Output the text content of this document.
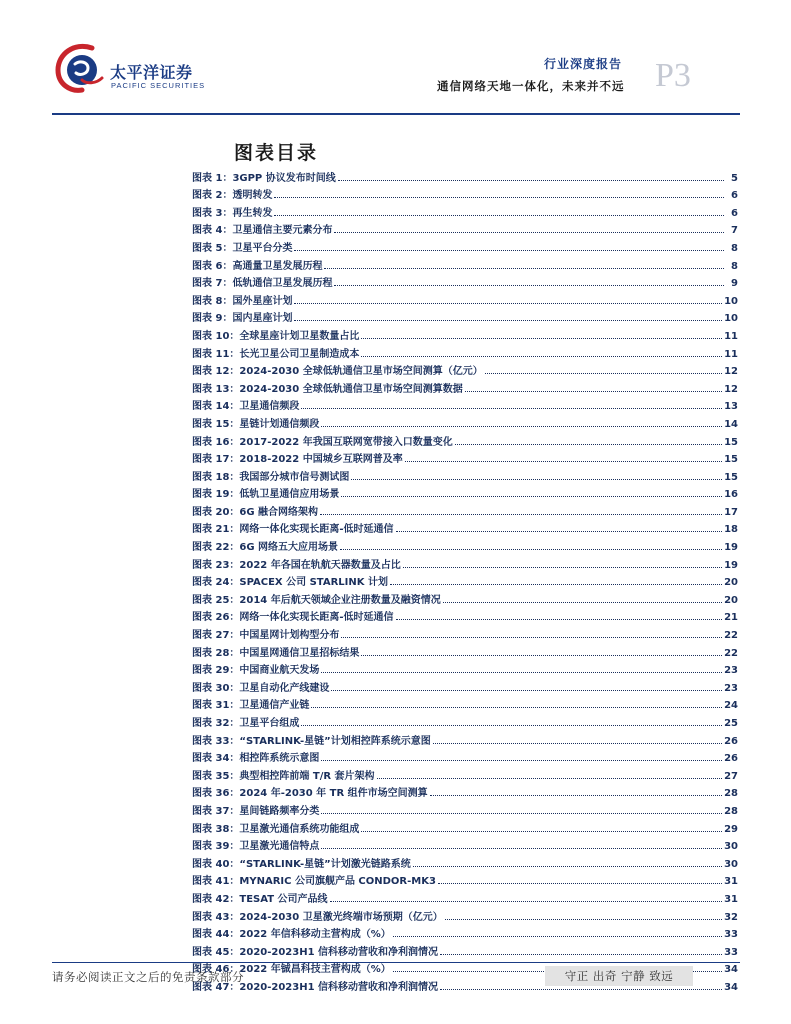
太平洋证券
PACIFIC SECURITIES
行业深度报告
通信网络天地一体化，未来并不远 P3
图表目录
图表 1：3GPP 协议发布时间线	5
图表 2：透明转发	6
图表 3：再生转发	6
图表 4：卫星通信主要元素分布	7
图表 5：卫星平台分类	8
图表 6：高通量卫星发展历程	8
图表 7：低轨通信卫星发展历程	9
图表 8：国外星座计划	10
图表 9：国内星座计划	10
图表 10：全球星座计划卫星数量占比	11
图表 11：长光卫星公司卫星制造成本	11
图表 12：2024-2030 全球低轨通信卫星市场空间测算（亿元）	12
图表 13：2024-2030 全球低轨通信卫星市场空间测算数据	12
图表 14：卫星通信频段	13
图表 15：星链计划通信频段	14
图表 16：2017-2022 年我国互联网宽带接入口数量变化	15
图表 17：2018-2022 中国城乡互联网普及率	15
图表 18：我国部分城市信号测试图	15
图表 19：低轨卫星通信应用场景	16
图表 20：6G 融合网络架构	17
图表 21：网络一体化实现长距离-低时延通信	18
图表 22：6G 网络五大应用场景	19
图表 23：2022 年各国在轨航天器数量及占比	19
图表 24：SPACEX 公司 STARLINK 计划	20
图表 25：2014 年后航天领域企业注册数量及融资情况	20
图表 26：网络一体化实现长距离-低时延通信	21
图表 27：中国星网计划构型分布	22
图表 28：中国星网通信卫星招标结果	22
图表 29：中国商业航天发场	23
图表 30：卫星自动化产线建设	23
图表 31：卫星通信产业链	24
图表 32：卫星平台组成	25
图表 33：“STARLINK-星链”计划相控阵系统示意图	26
图表 34：相控阵系统示意图	26
图表 35：典型相控阵前端 T/R 套片架构	27
图表 36：2024 年-2030 年 TR 组件市场空间测算	28
图表 37：星间链路频率分类	28
图表 38：卫星激光通信系统功能组成	29
图表 39：卫星激光通信特点	30
图表 40：“STARLINK-星链”计划激光链路系统	30
图表 41：MYNARIC 公司旗舰产品 CONDOR-MK3	31
图表 42：TESAT 公司产品线	31
图表 43：2024-2030 卫星激光终端市场预期（亿元）	32
图表 44：2022 年信科移动主营构成（%）	33
图表 45：2020-2023H1 信科移动营收和净利润情况	33
图表 46：2022 年铖昌科技主营构成（%）	34
图表 47：2020-2023H1 信科移动营收和净利润情况	34
请务必阅读正文之后的免责条款部分	守正 出奇 宁静 致远
